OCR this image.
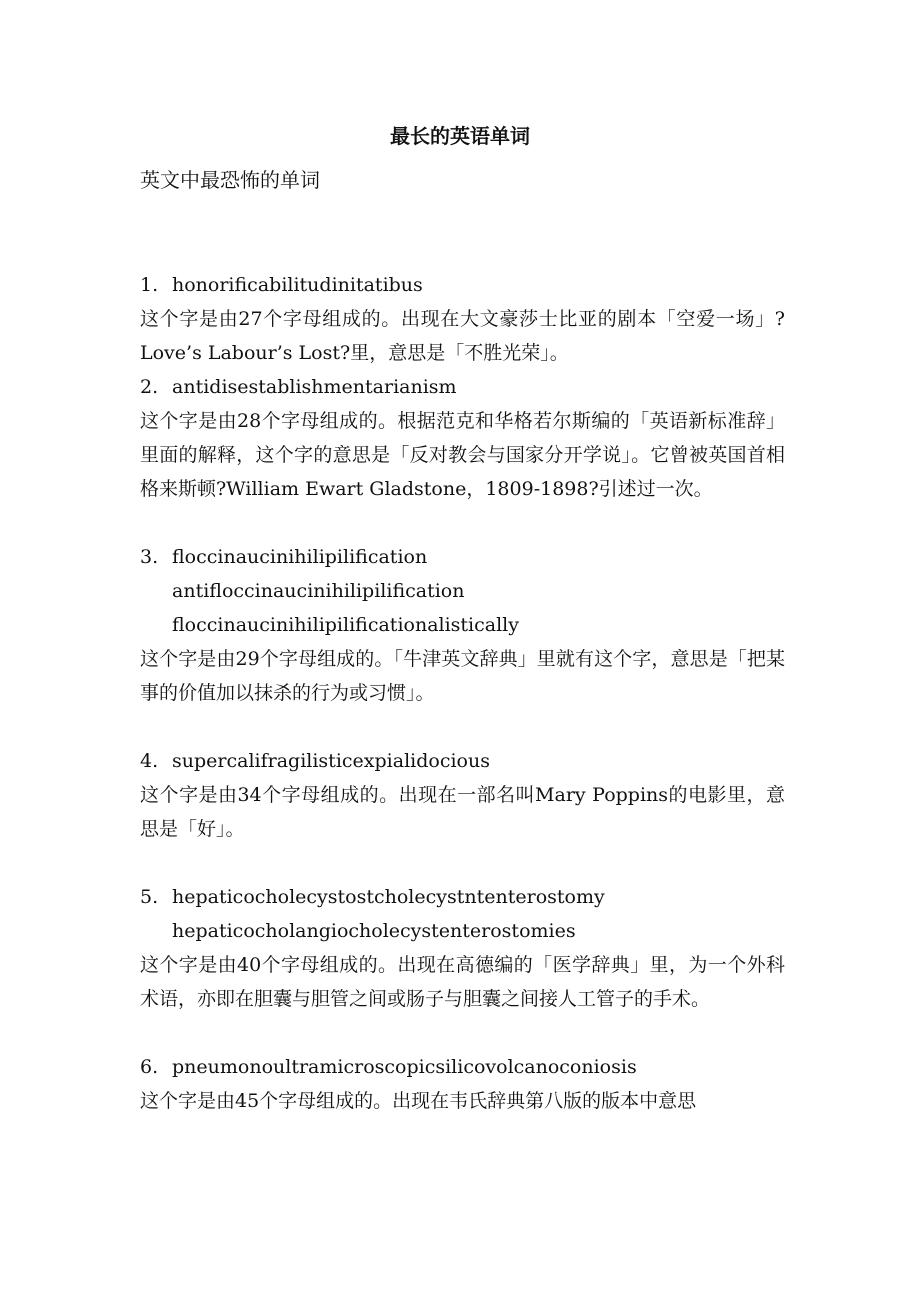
最长的英语单词
英文中最恐怖的单词
1. honorificabilitudinitatibus
这个字是由27个字母组成的。出现在大文豪莎士比亚的剧本「空爱一场」?Love’s Labour’s Lost?里，意思是「不胜光荣」。
2. antidisestablishmentarianism
这个字是由28个字母组成的。根据范克和华格若尔斯编的「英语新标准辞」里面的解释，这个字的意思是「反对教会与国家分开学说」。它曾被英国首相格来斯顿?William Ewart Gladstone，1809-1898?引述过一次。
3. floccinaucinihilipilification
antifloccinaucinihilipilification
floccinaucinihilipilificationalistically
这个字是由29个字母组成的。「牛津英文辞典」里就有这个字，意思是「把某事的价值加以抹杀的行为或习惯」。
4. supercalifragilisticexpialidocious
这个字是由34个字母组成的。出现在一部名叫Mary Poppins的电影里，意思是「好」。
5. hepaticocholecystostcholecystntenterostomy
hepaticocholangiocholecystenterostomies
这个字是由40个字母组成的。出现在高德编的「医学辞典」里，为一个外科术语，亦即在胆囊与胆管之间或肠子与胆囊之间接人工管子的手术。
6. pneumonoultramicroscopicsilicovolcanoconiosis
这个字是由45个字母组成的。出现在韦氏辞典第八版的版本中意思
